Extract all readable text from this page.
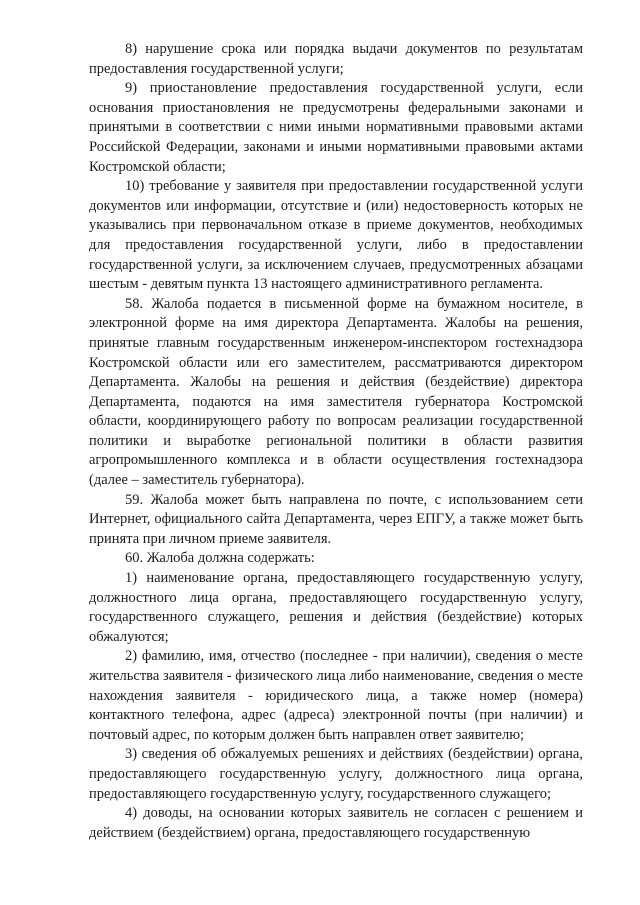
8) нарушение срока или порядка выдачи документов по результатам предоставления государственной услуги;

9) приостановление предоставления государственной услуги, если основания приостановления не предусмотрены федеральными законами и принятыми в соответствии с ними иными нормативными правовыми актами Российской Федерации, законами и иными нормативными правовыми актами Костромской области;

10) требование у заявителя при предоставлении государственной услуги документов или информации, отсутствие и (или) недостоверность которых не указывались при первоначальном отказе в приеме документов, необходимых для предоставления государственной услуги, либо в предоставлении государственной услуги, за исключением случаев, предусмотренных абзацами шестым - девятым пункта 13 настоящего административного регламента.

58. Жалоба подается в письменной форме на бумажном носителе, в электронной форме на имя директора Департамента. Жалобы на решения, принятые главным государственным инженером-инспектором гостехнадзора Костромской области или его заместителем, рассматриваются директором Департамента. Жалобы на решения и действия (бездействие) директора Департамента, подаются на имя заместителя губернатора Костромской области, координирующего работу по вопросам реализации государственной политики и выработке региональной политики в области развития агропромышленного комплекса и в области осуществления гостехнадзора (далее – заместитель губернатора).

59. Жалоба может быть направлена по почте, с использованием сети Интернет, официального сайта Департамента, через ЕПГУ, а также может быть принята при личном приеме заявителя.

60. Жалоба должна содержать:

1) наименование органа, предоставляющего государственную услугу, должностного лица органа, предоставляющего государственную услугу, государственного служащего, решения и действия (бездействие) которых обжалуются;

2) фамилию, имя, отчество (последнее - при наличии), сведения о месте жительства заявителя - физического лица либо наименование, сведения о месте нахождения заявителя - юридического лица, а также номер (номера) контактного телефона, адрес (адреса) электронной почты (при наличии) и почтовый адрес, по которым должен быть направлен ответ заявителю;

3) сведения об обжалуемых решениях и действиях (бездействии) органа, предоставляющего государственную услугу, должностного лица органа, предоставляющего государственную услугу, государственного служащего;

4) доводы, на основании которых заявитель не согласен с решением и действием (бездействием) органа, предоставляющего государственную
